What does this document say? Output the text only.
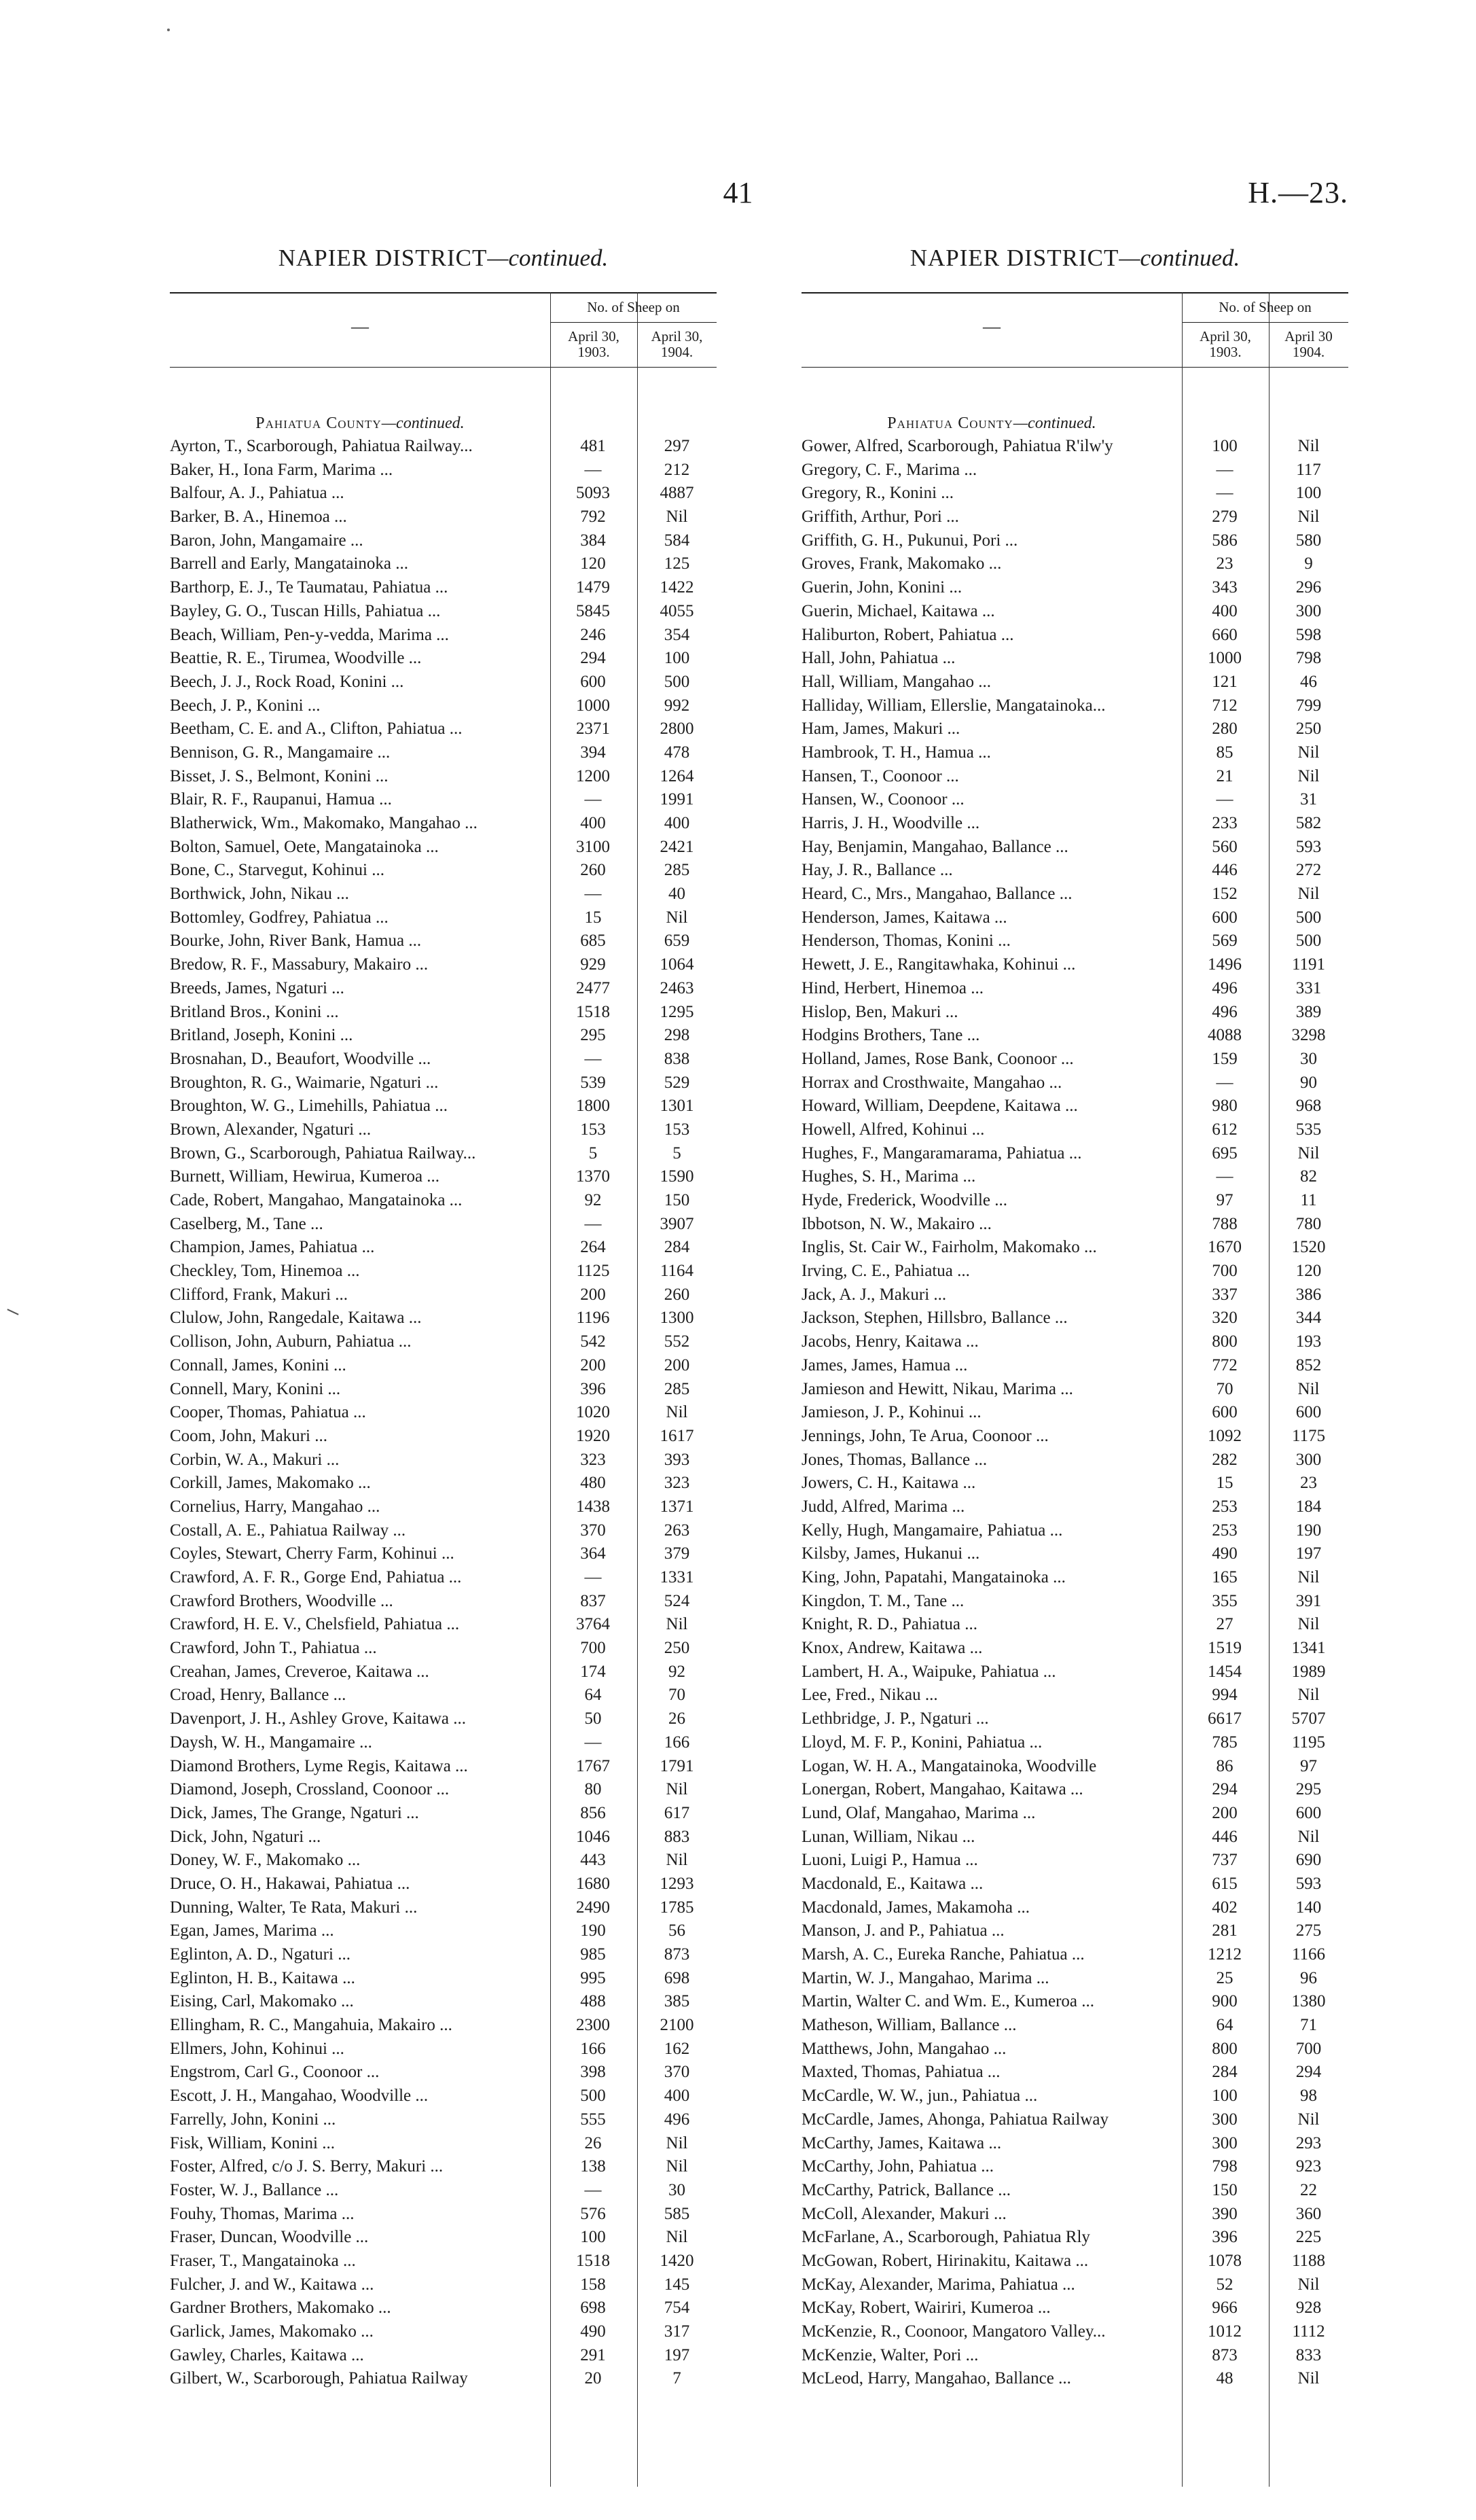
41	H.—23.
NAPIER DISTRICT—continued.
—
No. of Sheep on
April 30, 1903.
April 30, 1904.
Pahiatua County—continued.
Ayrton, T., Scarborough, Pahiatua Railway...	481	297
Baker, H., Iona Farm, Marima ...	—	212
Balfour, A. J., Pahiatua ...	5093	4887
Barker, B. A., Hinemoa ...	792	Nil
Baron, John, Mangamaire ...	384	584
Barrell and Early, Mangatainoka ...	120	125
Barthorp, E. J., Te Taumatau, Pahiatua ...	1479	1422
Bayley, G. O., Tuscan Hills, Pahiatua ...	5845	4055
Beach, William, Pen-y-vedda, Marima ...	246	354
Beattie, R. E., Tirumea, Woodville ...	294	100
Beech, J. J., Rock Road, Konini ...	600	500
Beech, J. P., Konini ...	1000	992
Beetham, C. E. and A., Clifton, Pahiatua ...	2371	2800
Bennison, G. R., Mangamaire ...	394	478
Bisset, J. S., Belmont, Konini ...	1200	1264
Blair, R. F., Raupanui, Hamua ...	—	1991
Blatherwick, Wm., Makomako, Mangahao ...	400	400
Bolton, Samuel, Oete, Mangatainoka ...	3100	2421
Bone, C., Starvegut, Kohinui ...	260	285
Borthwick, John, Nikau ...	—	40
Bottomley, Godfrey, Pahiatua ...	15	Nil
Bourke, John, River Bank, Hamua ...	685	659
Bredow, R. F., Massabury, Makairo ...	929	1064
Breeds, James, Ngaturi ...	2477	2463
Britland Bros., Konini ...	1518	1295
Britland, Joseph, Konini ...	295	298
Brosnahan, D., Beaufort, Woodville ...	—	838
Broughton, R. G., Waimarie, Ngaturi ...	539	529
Broughton, W. G., Limehills, Pahiatua ...	1800	1301
Brown, Alexander, Ngaturi ...	153	153
Brown, G., Scarborough, Pahiatua Railway...	5	5
Burnett, William, Hewirua, Kumeroa ...	1370	1590
Cade, Robert, Mangahao, Mangatainoka ...	92	150
Caselberg, M., Tane ...	—	3907
Champion, James, Pahiatua ...	264	284
Checkley, Tom, Hinemoa ...	1125	1164
Clifford, Frank, Makuri ...	200	260
Clulow, John, Rangedale, Kaitawa ...	1196	1300
Collison, John, Auburn, Pahiatua ...	542	552
Connall, James, Konini ...	200	200
Connell, Mary, Konini ...	396	285
Cooper, Thomas, Pahiatua ...	1020	Nil
Coom, John, Makuri ...	1920	1617
Corbin, W. A., Makuri ...	323	393
Corkill, James, Makomako ...	480	323
Cornelius, Harry, Mangahao ...	1438	1371
Costall, A. E., Pahiatua Railway ...	370	263
Coyles, Stewart, Cherry Farm, Kohinui ...	364	379
Crawford, A. F. R., Gorge End, Pahiatua ...	—	1331
Crawford Brothers, Woodville ...	837	524
Crawford, H. E. V., Chelsfield, Pahiatua ...	3764	Nil
Crawford, John T., Pahiatua ...	700	250
Creahan, James, Creveroe, Kaitawa ...	174	92
Croad, Henry, Ballance ...	64	70
Davenport, J. H., Ashley Grove, Kaitawa ...	50	26
Daysh, W. H., Mangamaire ...	—	166
Diamond Brothers, Lyme Regis, Kaitawa ...	1767	1791
Diamond, Joseph, Crossland, Coonoor ...	80	Nil
Dick, James, The Grange, Ngaturi ...	856	617
Dick, John, Ngaturi ...	1046	883
Doney, W. F., Makomako ...	443	Nil
Druce, O. H., Hakawai, Pahiatua ...	1680	1293
Dunning, Walter, Te Rata, Makuri ...	2490	1785
Egan, James, Marima ...	190	56
Eglinton, A. D., Ngaturi ...	985	873
Eglinton, H. B., Kaitawa ...	995	698
Eising, Carl, Makomako ...	488	385
Ellingham, R. C., Mangahuia, Makairo ...	2300	2100
Ellmers, John, Kohinui ...	166	162
Engstrom, Carl G., Coonoor ...	398	370
Escott, J. H., Mangahao, Woodville ...	500	400
Farrelly, John, Konini ...	555	496
Fisk, William, Konini ...	26	Nil
Foster, Alfred, c/o J. S. Berry, Makuri ...	138	Nil
Foster, W. J., Ballance ...	—	30
Fouhy, Thomas, Marima ...	576	585
Fraser, Duncan, Woodville ...	100	Nil
Fraser, T., Mangatainoka ...	1518	1420
Fulcher, J. and W., Kaitawa ...	158	145
Gardner Brothers, Makomako ...	698	754
Garlick, James, Makomako ...	490	317
Gawley, Charles, Kaitawa ...	291	197
Gilbert, W., Scarborough, Pahiatua Railway	20	7
NAPIER DISTRICT—continued.
—
No. of Sheep on
April 30, 1903.
April 30 1904.
Pahiatua County—continued.
Gower, Alfred, Scarborough, Pahiatua R'ilw'y	100	Nil
Gregory, C. F., Marima ...	—	117
Gregory, R., Konini ...	—	100
Griffith, Arthur, Pori ...	279	Nil
Griffith, G. H., Pukunui, Pori ...	586	580
Groves, Frank, Makomako ...	23	9
Guerin, John, Konini ...	343	296
Guerin, Michael, Kaitawa ...	400	300
Haliburton, Robert, Pahiatua ...	660	598
Hall, John, Pahiatua ...	1000	798
Hall, William, Mangahao ...	121	46
Halliday, William, Ellerslie, Mangatainoka...	712	799
Ham, James, Makuri ...	280	250
Hambrook, T. H., Hamua ...	85	Nil
Hansen, T., Coonoor ...	21	Nil
Hansen, W., Coonoor ...	—	31
Harris, J. H., Woodville ...	233	582
Hay, Benjamin, Mangahao, Ballance ...	560	593
Hay, J. R., Ballance ...	446	272
Heard, C., Mrs., Mangahao, Ballance ...	152	Nil
Henderson, James, Kaitawa ...	600	500
Henderson, Thomas, Konini ...	569	500
Hewett, J. E., Rangitawhaka, Kohinui ...	1496	1191
Hind, Herbert, Hinemoa ...	496	331
Hislop, Ben, Makuri ...	496	389
Hodgins Brothers, Tane ...	4088	3298
Holland, James, Rose Bank, Coonoor ...	159	30
Horrax and Crosthwaite, Mangahao ...	—	90
Howard, William, Deepdene, Kaitawa ...	980	968
Howell, Alfred, Kohinui ...	612	535
Hughes, F., Mangaramarama, Pahiatua ...	695	Nil
Hughes, S. H., Marima ...	—	82
Hyde, Frederick, Woodville ...	97	11
Ibbotson, N. W., Makairo ...	788	780
Inglis, St. Cair W., Fairholm, Makomako ...	1670	1520
Irving, C. E., Pahiatua ...	700	120
Jack, A. J., Makuri ...	337	386
Jackson, Stephen, Hillsbro, Ballance ...	320	344
Jacobs, Henry, Kaitawa ...	800	193
James, James, Hamua ...	772	852
Jamieson and Hewitt, Nikau, Marima ...	70	Nil
Jamieson, J. P., Kohinui ...	600	600
Jennings, John, Te Arua, Coonoor ...	1092	1175
Jones, Thomas, Ballance ...	282	300
Jowers, C. H., Kaitawa ...	15	23
Judd, Alfred, Marima ...	253	184
Kelly, Hugh, Mangamaire, Pahiatua ...	253	190
Kilsby, James, Hukanui ...	490	197
King, John, Papatahi, Mangatainoka ...	165	Nil
Kingdon, T. M., Tane ...	355	391
Knight, R. D., Pahiatua ...	27	Nil
Knox, Andrew, Kaitawa ...	1519	1341
Lambert, H. A., Waipuke, Pahiatua ...	1454	1989
Lee, Fred., Nikau ...	994	Nil
Lethbridge, J. P., Ngaturi ...	6617	5707
Lloyd, M. F. P., Konini, Pahiatua ...	785	1195
Logan, W. H. A., Mangatainoka, Woodville	86	97
Lonergan, Robert, Mangahao, Kaitawa ...	294	295
Lund, Olaf, Mangahao, Marima ...	200	600
Lunan, William, Nikau ...	446	Nil
Luoni, Luigi P., Hamua ...	737	690
Macdonald, E., Kaitawa ...	615	593
Macdonald, James, Makamoha ...	402	140
Manson, J. and P., Pahiatua ...	281	275
Marsh, A. C., Eureka Ranche, Pahiatua ...	1212	1166
Martin, W. J., Mangahao, Marima ...	25	96
Martin, Walter C. and Wm. E., Kumeroa ...	900	1380
Matheson, William, Ballance ...	64	71
Matthews, John, Mangahao ...	800	700
Maxted, Thomas, Pahiatua ...	284	294
McCardle, W. W., jun., Pahiatua ...	100	98
McCardle, James, Ahonga, Pahiatua Railway	300	Nil
McCarthy, James, Kaitawa ...	300	293
McCarthy, John, Pahiatua ...	798	923
McCarthy, Patrick, Ballance ...	150	22
McColl, Alexander, Makuri ...	390	360
McFarlane, A., Scarborough, Pahiatua Rly	396	225
McGowan, Robert, Hirinakitu, Kaitawa ...	1078	1188
McKay, Alexander, Marima, Pahiatua ...	52	Nil
McKay, Robert, Wairiri, Kumeroa ...	966	928
McKenzie, R., Coonoor, Mangatoro Valley...	1012	1112
McKenzie, Walter, Pori ...	873	833
McLeod, Harry, Mangahao, Ballance ...	48	Nil
